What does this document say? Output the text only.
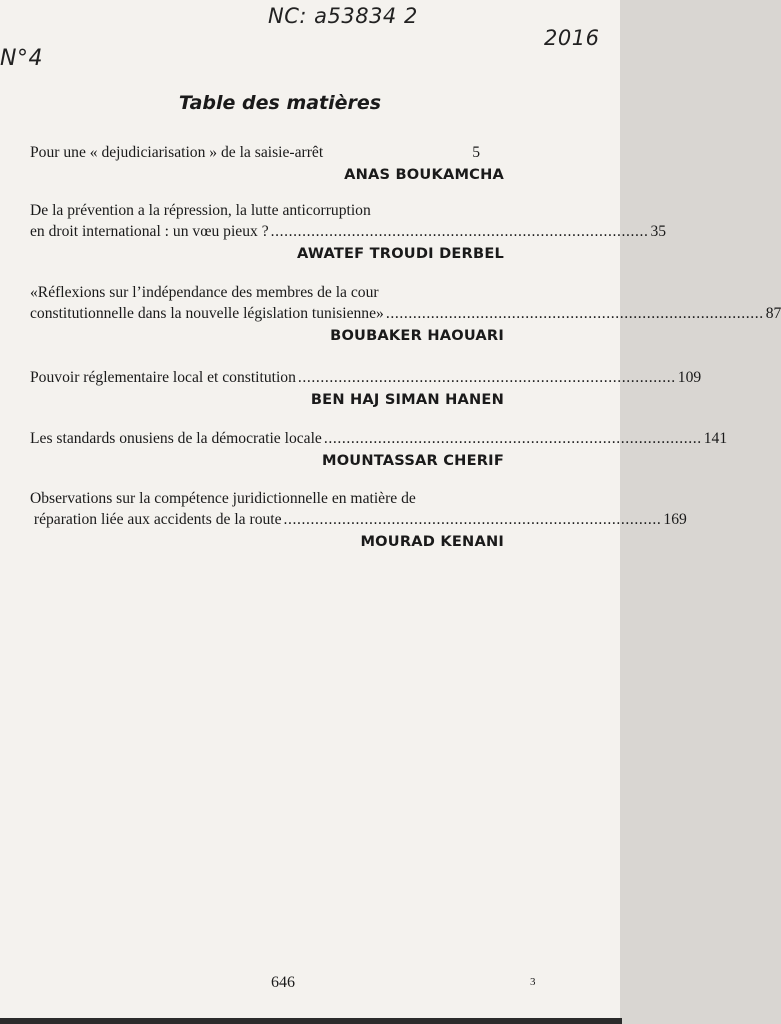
NC: a53834 2
N°4
2016
Table des matières
Pour une « dejudiciarisation » de la saisie-arrêt	5
ANAS BOUKAMCHA
De la prévention a la répression, la lutte anticorruption
en droit international : un vœu pieux ? .................................................................................... 35
AWATEF TROUDI DERBEL
«Réflexions sur l’indépendance des membres de la cour
constitutionnelle dans la nouvelle législation tunisienne» .................................................................................... 87
BOUBAKER HAOUARI
Pouvoir réglementaire local et constitution .................................................................................... 109
BEN HAJ SIMAN HANEN
Les standards onusiens de la démocratie locale .................................................................................... 141
MOUNTASSAR CHERIF
Observations sur la compétence juridictionnelle en matière de
réparation liée aux accidents de la route .................................................................................... 169
MOURAD KENANI
646	3
